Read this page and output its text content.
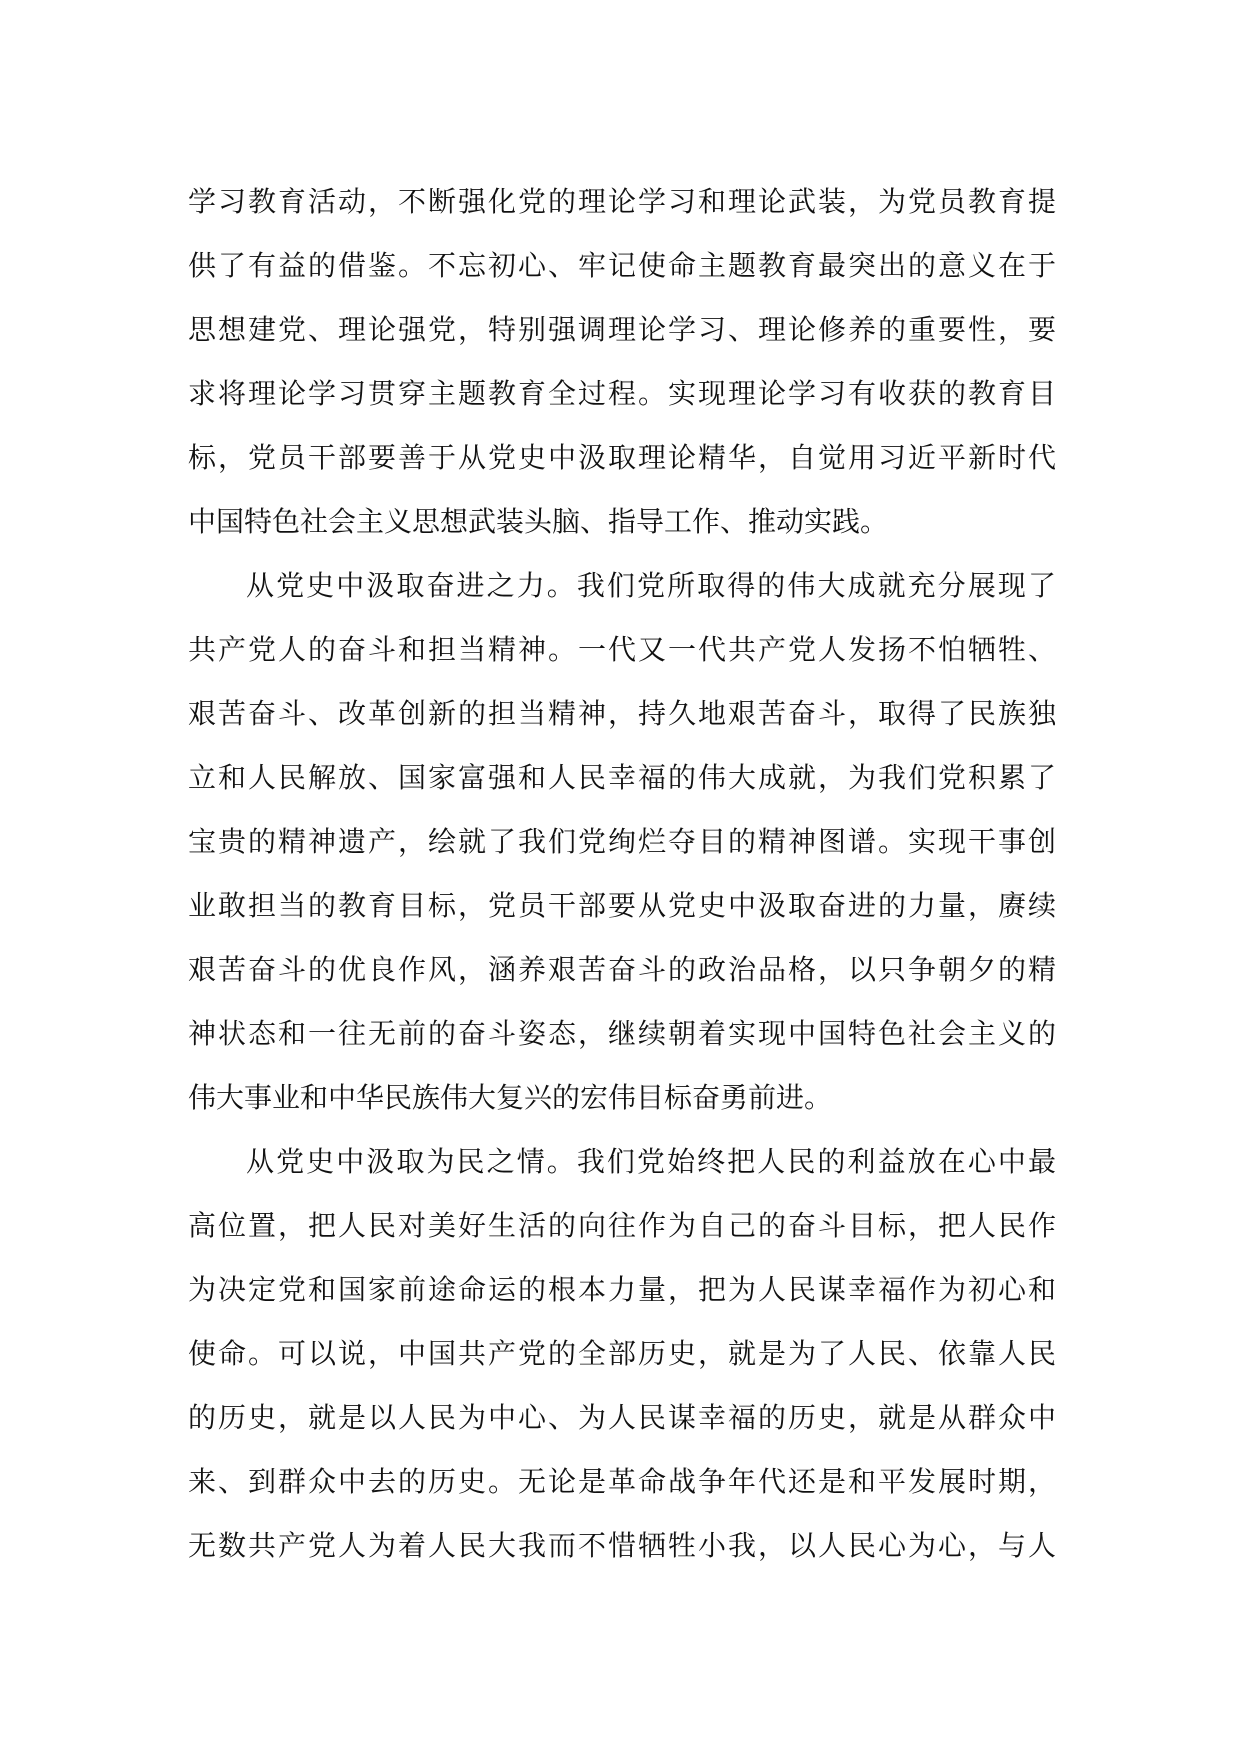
学习教育活动，不断强化党的理论学习和理论武装，为党员教育提
供了有益的借鉴。不忘初心、牢记使命主题教育最突出的意义在于
思想建党、理论强党，特别强调理论学习、理论修养的重要性，要
求将理论学习贯穿主题教育全过程。实现理论学习有收获的教育目
标，党员干部要善于从党史中汲取理论精华，自觉用习近平新时代
中国特色社会主义思想武装头脑、指导工作、推动实践。
从党史中汲取奋进之力。我们党所取得的伟大成就充分展现了
共产党人的奋斗和担当精神。一代又一代共产党人发扬不怕牺牲、
艰苦奋斗、改革创新的担当精神，持久地艰苦奋斗，取得了民族独
立和人民解放、国家富强和人民幸福的伟大成就，为我们党积累了
宝贵的精神遗产，绘就了我们党绚烂夺目的精神图谱。实现干事创
业敢担当的教育目标，党员干部要从党史中汲取奋进的力量，赓续
艰苦奋斗的优良作风，涵养艰苦奋斗的政治品格，以只争朝夕的精
神状态和一往无前的奋斗姿态，继续朝着实现中国特色社会主义的
伟大事业和中华民族伟大复兴的宏伟目标奋勇前进。
从党史中汲取为民之情。我们党始终把人民的利益放在心中最
高位置，把人民对美好生活的向往作为自己的奋斗目标，把人民作
为决定党和国家前途命运的根本力量，把为人民谋幸福作为初心和
使命。可以说，中国共产党的全部历史，就是为了人民、依靠人民
的历史，就是以人民为中心、为人民谋幸福的历史，就是从群众中
来、到群众中去的历史。无论是革命战争年代还是和平发展时期，
无数共产党人为着人民大我而不惜牺牲小我，以人民心为心，与人
